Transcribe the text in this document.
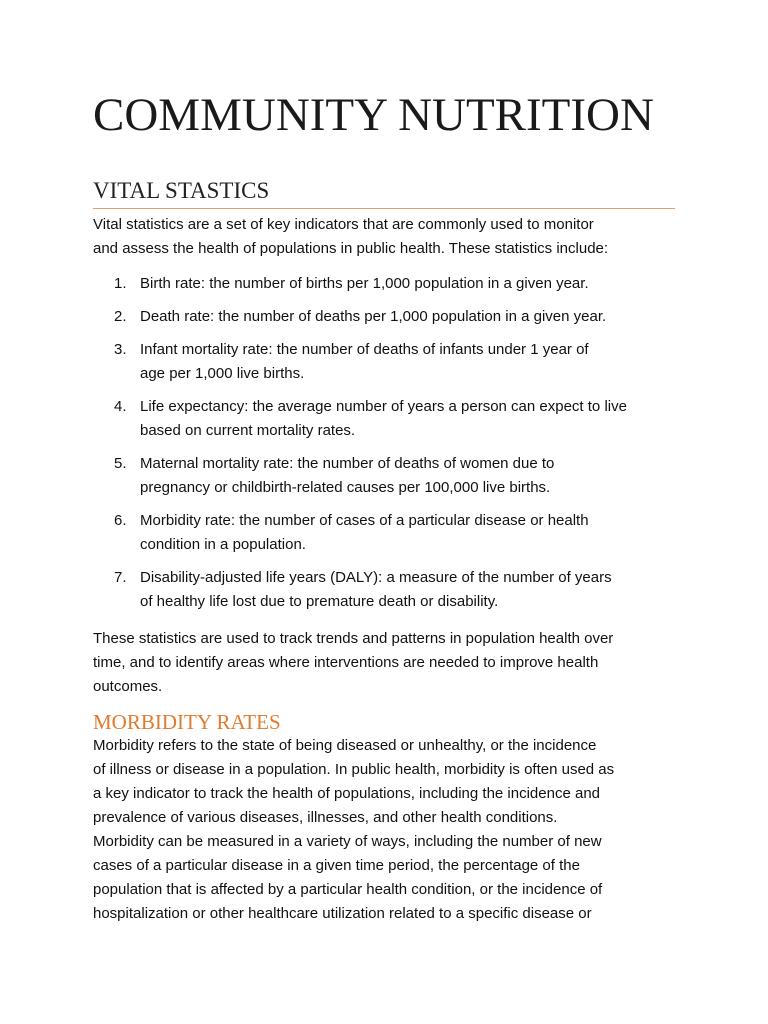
COMMUNITY NUTRITION
VITAL STASTICS

Vital statistics are a set of key indicators that are commonly used to monitor

and assess the health of populations in public health. These statistics include:

1. Birth rate: the number of births per 1,000 population in a given year.
2. Death rate: the number of deaths per 1,000 population in a given year.
3. Infant mortality rate: the number of deaths of infants under 1 year of
age per 1,000 live births.
4. Life expectancy: the average number of years a person can expect to live
based on current mortality rates.
5. Maternal mortality rate: the number of deaths of women due to
pregnancy or childbirth-related causes per 100,000 live births.
6. Morbidity rate: the number of cases of a particular disease or health
condition in a population.
7. Disability-adjusted life years (DALY): a measure of the number of years
of healthy life lost due to premature death or disability.

These statistics are used to track trends and patterns in population health over

time, and to identify areas where interventions are needed to improve health

outcomes.

MORBIDITY RATES

Morbidity refers to the state of being diseased or unhealthy, or the incidence

of illness or disease in a population. In public health, morbidity is often used as

a key indicator to track the health of populations, including the incidence and

prevalence of various diseases, illnesses, and other health conditions.

Morbidity can be measured in a variety of ways, including the number of new

cases of a particular disease in a given time period, the percentage of the

population that is affected by a particular health condition, or the incidence of

hospitalization or other healthcare utilization related to a specific disease or
